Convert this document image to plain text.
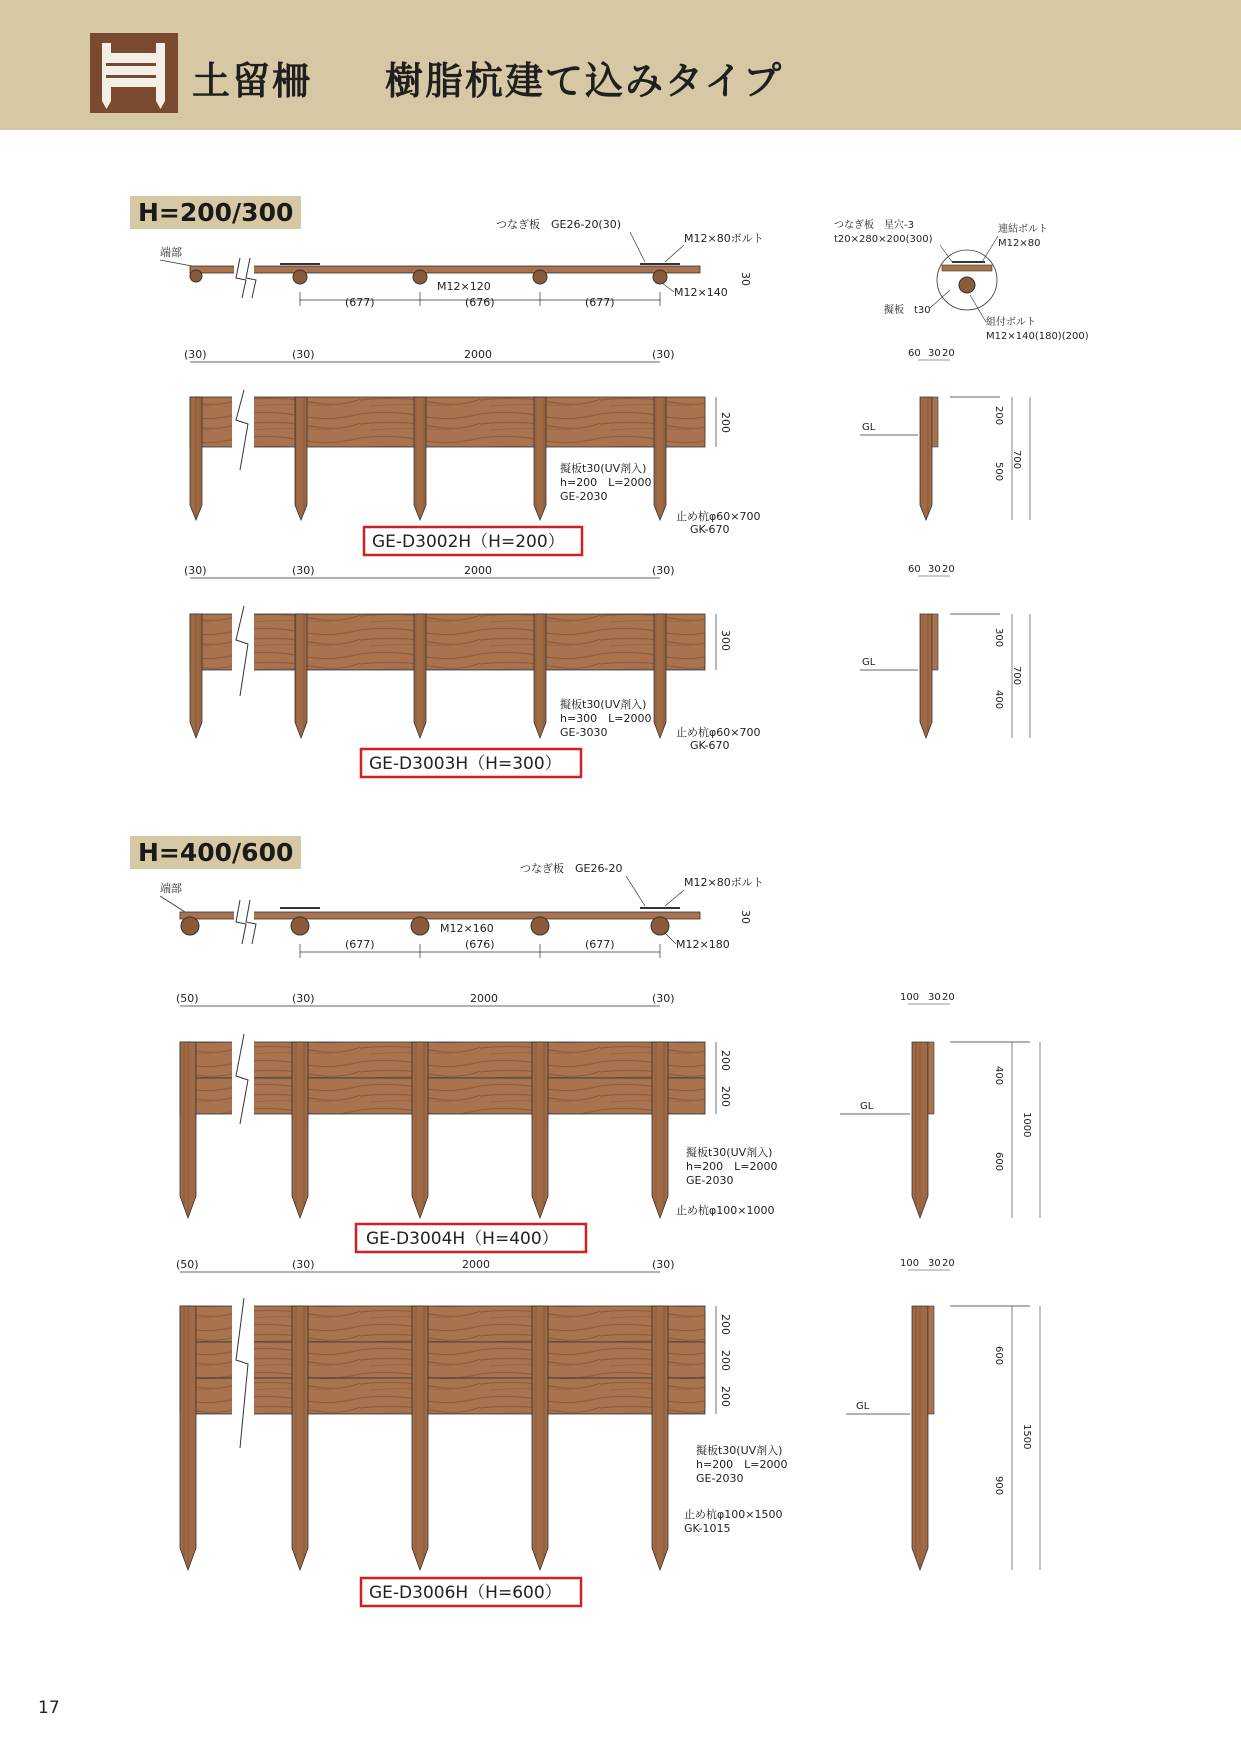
土留柵 樹脂杭建て込みタイプ
H=200/300
H=400/600
端部
(677)	(676)	(677)
M12×120
つなぎ板　GE26-20(30)
M12×80ボルト
M12×140
30
つなぎ板　星穴-3
t20×280×200(300)
連結ボルト
M12×80
擬板　t30
組付ボルト
M12×140(180)(200)
(30)	(30)	2000	(30)
200
擬板t30(UV剤入)
h=200　L=2000
GE-2030
止め杭φ60×700
GK-670
GE-D3002H（H=200）
60 30 20
GL
200
500
700
(30)	(30)	2000	(30)
300
擬板t30(UV剤入)
h=300　L=2000
GE-3030	止め杭φ60×700
GK-670
GE-D3003H（H=300）
60 30 20
GL
300
400
700
端部
(677)	(676)	(677)
M12×160
つなぎ板　GE26-20
M12×80ボルト
M12×180
30
(50)	(30)	2000	(30)
200
200
擬板t30(UV剤入)
h=200　L=2000
GE-2030
止め杭φ100×1000
GE-D3004H（H=400）
100 30 20
GL
400
600
1000
(50)	(30)	2000	(30)
200
200
200
擬板t30(UV剤入)
h=200　L=2000
GE-2030
止め杭φ100×1500
GK-1015
GE-D3006H（H=600）
100 30 20
GL
600
900
1500
17
